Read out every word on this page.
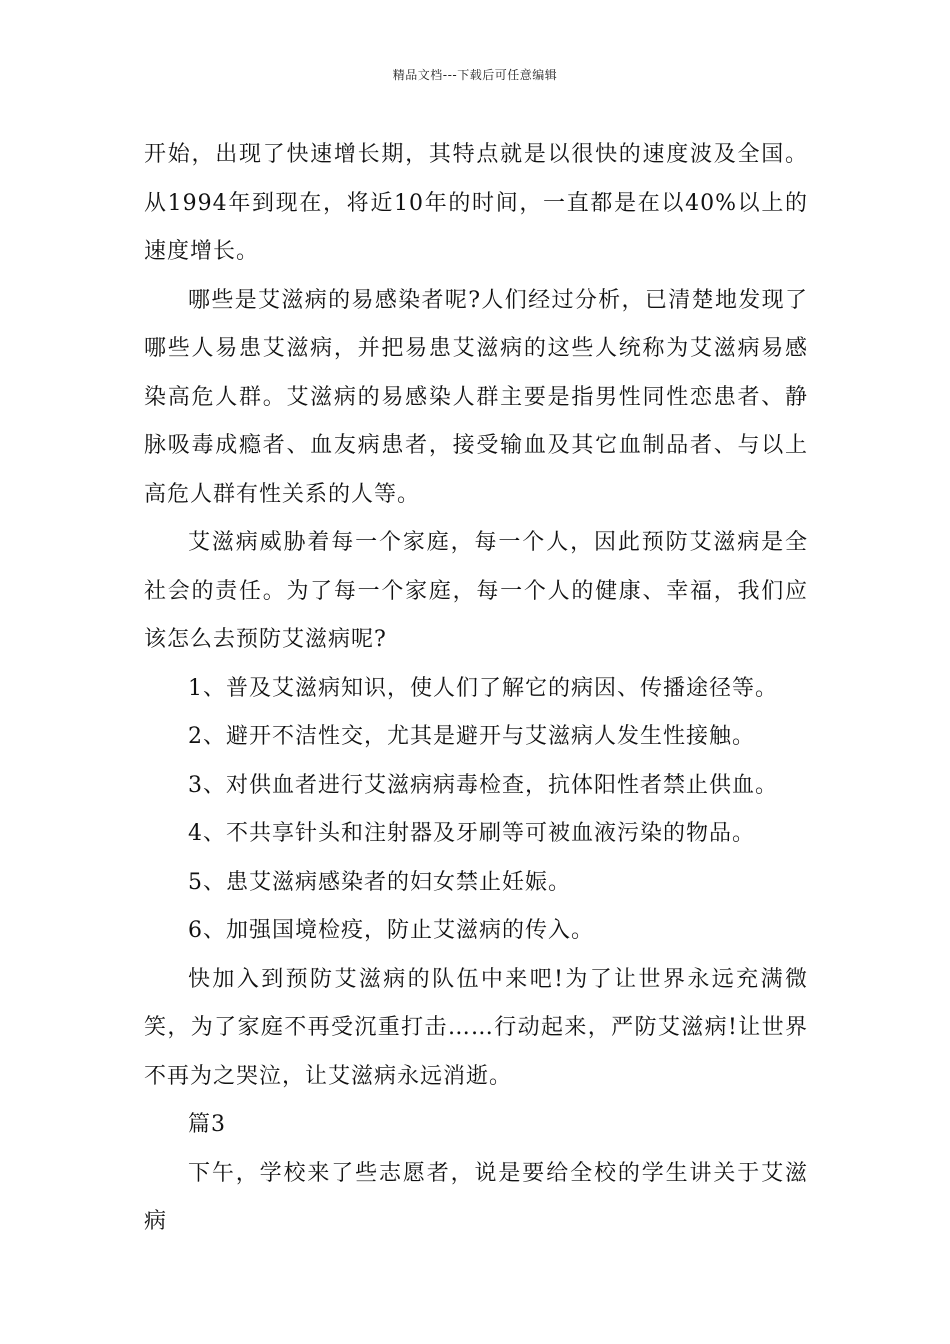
精品文档---下载后可任意编辑

开始，出现了快速增长期，其特点就是以很快的速度波及全国。从1994年到现在，将近10年的时间，一直都是在以40%以上的速度增长。

哪些是艾滋病的易感染者呢?人们经过分析，已清楚地发现了哪些人易患艾滋病，并把易患艾滋病的这些人统称为艾滋病易感染高危人群。艾滋病的易感染人群主要是指男性同性恋患者、静脉吸毒成瘾者、血友病患者，接受输血及其它血制品者、与以上高危人群有性关系的人等。

艾滋病威胁着每一个家庭，每一个人，因此预防艾滋病是全社会的责任。为了每一个家庭，每一个人的健康、幸福，我们应该怎么去预防艾滋病呢?

1、普及艾滋病知识，使人们了解它的病因、传播途径等。

2、避开不洁性交，尤其是避开与艾滋病人发生性接触。

3、对供血者进行艾滋病病毒检查，抗体阳性者禁止供血。

4、不共享针头和注射器及牙刷等可被血液污染的物品。

5、患艾滋病感染者的妇女禁止妊娠。

6、加强国境检疫，防止艾滋病的传入。

快加入到预防艾滋病的队伍中来吧!为了让世界永远充满微笑，为了家庭不再受沉重打击……行动起来，严防艾滋病!让世界不再为之哭泣，让艾滋病永远消逝。

篇3

下午，学校来了些志愿者，说是要给全校的学生讲关于艾滋病
